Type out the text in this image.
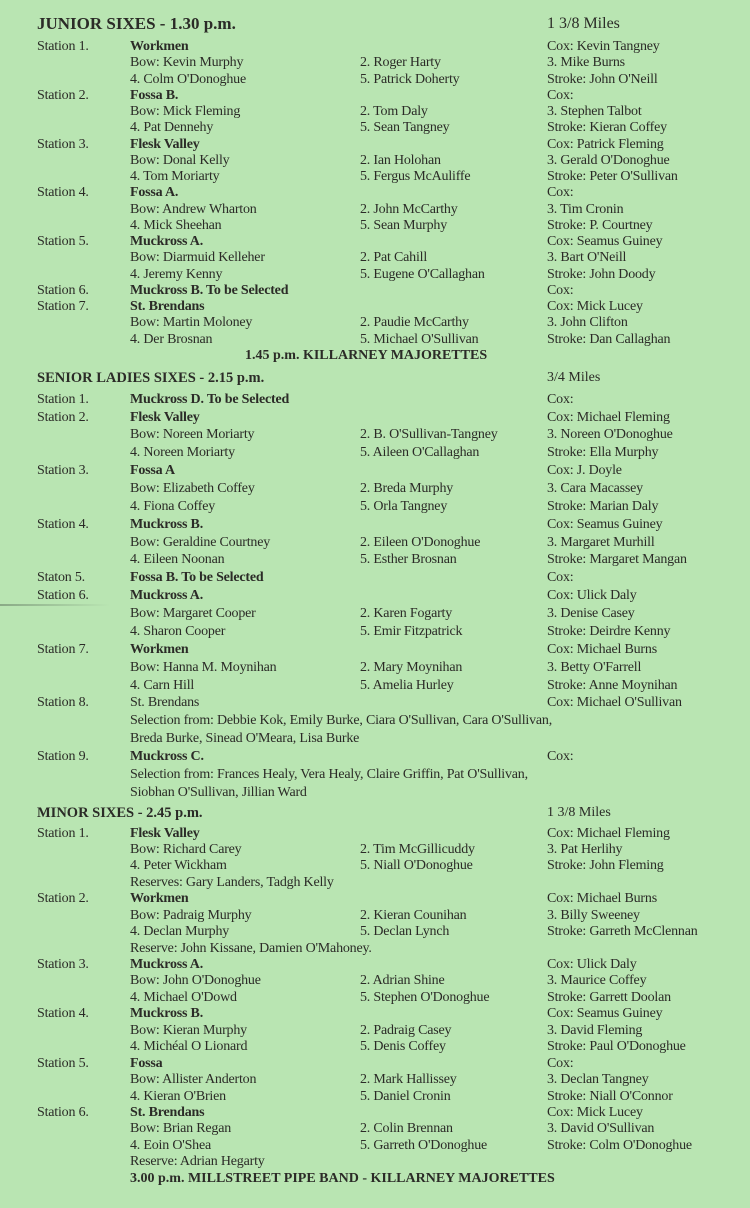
JUNIOR SIXES - 1.30 p.m.	1 3/8 Miles
Station 1.	Workmen	Cox: Kevin Tangney
Bow: Kevin Murphy	2. Roger Harty	3. Mike Burns
4. Colm O'Donoghue	5. Patrick Doherty	Stroke: John O'Neill
Station 2.	Fossa B.	Cox:
Bow: Mick Fleming	2. Tom Daly	3. Stephen Talbot
4. Pat Dennehy	5. Sean Tangney	Stroke: Kieran Coffey
Station 3.	Flesk Valley	Cox: Patrick Fleming
Bow: Donal Kelly	2. Ian Holohan	3. Gerald O'Donoghue
4. Tom Moriarty	5. Fergus McAuliffe	Stroke: Peter O'Sullivan
Station 4.	Fossa A.	Cox:
Bow: Andrew Wharton	2. John McCarthy	3. Tim Cronin
4. Mick Sheehan	5. Sean Murphy	Stroke: P. Courtney
Station 5.	Muckross A.	Cox: Seamus Guiney
Bow: Diarmuid Kelleher	2. Pat Cahill	3. Bart O'Neill
4. Jeremy Kenny	5. Eugene O'Callaghan	Stroke: John Doody
Station 6.	Muckross B. To be Selected	Cox:
Station 7.	St. Brendans	Cox: Mick Lucey
Bow: Martin Moloney	2. Paudie McCarthy	3. John Clifton
4. Der Brosnan	5. Michael O'Sullivan	Stroke: Dan Callaghan
1.45 p.m. KILLARNEY MAJORETTES
SENIOR LADIES SIXES - 2.15 p.m.	3/4 Miles
Station 1.	Muckross D. To be Selected	Cox:
Station 2.	Flesk Valley	Cox: Michael Fleming
Bow: Noreen Moriarty	2. B. O'Sullivan-Tangney	3. Noreen O'Donoghue
4. Noreen Moriarty	5. Aileen O'Callaghan	Stroke: Ella Murphy
Station 3.	Fossa A	Cox: J. Doyle
Bow: Elizabeth Coffey	2. Breda Murphy	3. Cara Macassey
4. Fiona Coffey	5. Orla Tangney	Stroke: Marian Daly
Station 4.	Muckross B.	Cox: Seamus Guiney
Bow: Geraldine Courtney	2. Eileen O'Donoghue	3. Margaret Murhill
4. Eileen Noonan	5. Esther Brosnan	Stroke: Margaret Mangan
Staton 5.	Fossa B. To be Selected	Cox:
Station 6.	Muckross A.	Cox: Ulick Daly
Bow: Margaret Cooper	2. Karen Fogarty	3. Denise Casey
4. Sharon Cooper	5. Emir Fitzpatrick	Stroke: Deirdre Kenny
Station 7.	Workmen	Cox: Michael Burns
Bow: Hanna M. Moynihan	2. Mary Moynihan	3. Betty O'Farrell
4. Carn Hill	5. Amelia Hurley	Stroke: Anne Moynihan
Station 8.	St. Brendans	Cox: Michael O'Sullivan
Selection from: Debbie Kok, Emily Burke, Ciara O'Sullivan, Cara O'Sullivan,
Breda Burke, Sinead O'Meara, Lisa Burke
Station 9.	Muckross C.	Cox:
Selection from: Frances Healy, Vera Healy, Claire Griffin, Pat O'Sullivan,
Siobhan O'Sullivan, Jillian Ward
MINOR SIXES - 2.45 p.m.	1 3/8 Miles
Station 1.	Flesk Valley	Cox: Michael Fleming
Bow: Richard Carey	2. Tim McGillicuddy	3. Pat Herlihy
4. Peter Wickham	5. Niall O'Donoghue	Stroke: John Fleming
Reserves: Gary Landers, Tadgh Kelly
Station 2.	Workmen	Cox: Michael Burns
Bow: Padraig Murphy	2. Kieran Counihan	3. Billy Sweeney
4. Declan Murphy	5. Declan Lynch	Stroke: Garreth McClennan
Reserve: John Kissane, Damien O'Mahoney.
Station 3.	Muckross A.	Cox: Ulick Daly
Bow: John O'Donoghue	2. Adrian Shine	3. Maurice Coffey
4. Michael O'Dowd	5. Stephen O'Donoghue	Stroke: Garrett Doolan
Station 4.	Muckross B.	Cox: Seamus Guiney
Bow: Kieran Murphy	2. Padraig Casey	3. David Fleming
4. Michéal O Lionard	5. Denis Coffey	Stroke: Paul O'Donoghue
Station 5.	Fossa	Cox:
Bow: Allister Anderton	2. Mark Hallissey	3. Declan Tangney
4. Kieran O'Brien	5. Daniel Cronin	Stroke: Niall O'Connor
Station 6.	St. Brendans	Cox: Mick Lucey
Bow: Brian Regan	2. Colin Brennan	3. David O'Sullivan
4. Eoin O'Shea	5. Garreth O'Donoghue	Stroke: Colm O'Donoghue
Reserve: Adrian Hegarty
3.00 p.m. MILLSTREET PIPE BAND - KILLARNEY MAJORETTES
